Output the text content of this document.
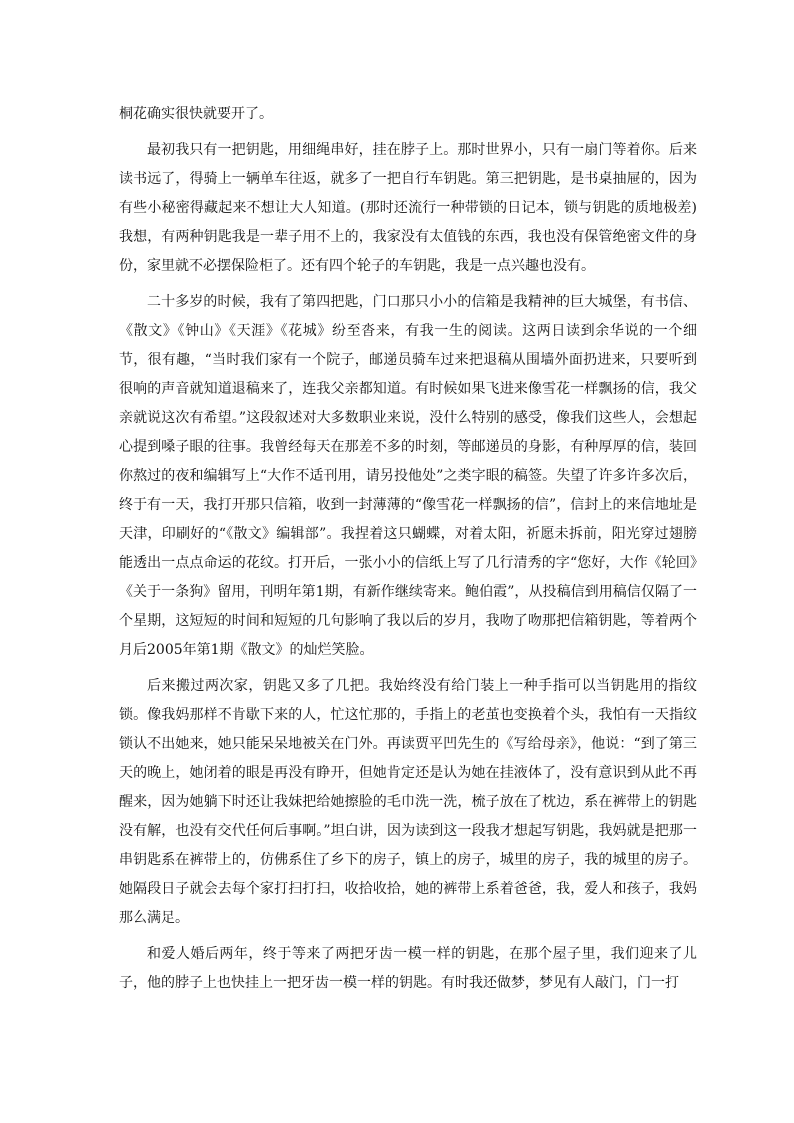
桐花确实很快就要开了。

最初我只有一把钥匙，用细绳串好，挂在脖子上。那时世界小，只有一扇门等着你。后来读书远了，得骑上一辆单车往返，就多了一把自行车钥匙。第三把钥匙，是书桌抽屉的，因为有些小秘密得藏起来不想让大人知道。(那时还流行一种带锁的日记本，锁与钥匙的质地极差)我想，有两种钥匙我是一辈子用不上的，我家没有太值钱的东西，我也没有保管绝密文件的身份，家里就不必摆保险柜了。还有四个轮子的车钥匙，我是一点兴趣也没有。

二十多岁的时候，我有了第四把匙，门口那只小小的信箱是我精神的巨大城堡，有书信、《散文》《钟山》《天涯》《花城》纷至沓来，有我一生的阅读。这两日读到余华说的一个细节，很有趣，“当时我们家有一个院子，邮递员骑车过来把退稿从围墙外面扔进来，只要听到很响的声音就知道退稿来了，连我父亲都知道。有时候如果飞进来像雪花一样飘扬的信，我父亲就说这次有希望。”这段叙述对大多数职业来说，没什么特别的感受，像我们这些人，会想起心提到嗓子眼的往事。我曾经每天在那差不多的时刻，等邮递员的身影，有种厚厚的信，装回你熬过的夜和编辑写上“大作不适刊用，请另投他处”之类字眼的稿签。失望了许多许多次后，终于有一天，我打开那只信箱，收到一封薄薄的“像雪花一样飘扬的信”，信封上的来信地址是天津，印刷好的“《散文》编辑部”。我捏着这只蝴蝶，对着太阳，祈愿未拆前，阳光穿过翅膀能透出一点点命运的花纹。打开后，一张小小的信纸上写了几行清秀的字“您好，大作《轮回》《关于一条狗》留用，刊明年第1期，有新作继续寄来。鲍伯霞”，从投稿信到用稿信仅隔了一个星期，这短短的时间和短短的几句影响了我以后的岁月，我吻了吻那把信箱钥匙，等着两个月后2005年第1期《散文》的灿烂笑脸。

后来搬过两次家，钥匙又多了几把。我始终没有给门装上一种手指可以当钥匙用的指纹锁。像我妈那样不肯歇下来的人，忙这忙那的，手指上的老茧也变换着个头，我怕有一天指纹锁认不出她来，她只能呆呆地被关在门外。再读贾平凹先生的《写给母亲》，他说：“到了第三天的晚上，她闭着的眼是再没有睁开，但她肯定还是认为她在挂液体了，没有意识到从此不再醒来，因为她躺下时还让我妹把给她擦脸的毛巾洗一洗，梳子放在了枕边，系在裤带上的钥匙没有解，也没有交代任何后事啊。”坦白讲，因为读到这一段我才想起写钥匙，我妈就是把那一串钥匙系在裤带上的，仿佛系住了乡下的房子，镇上的房子，城里的房子，我的城里的房子。她隔段日子就会去每个家打扫打扫，收拾收拾，她的裤带上系着爸爸，我，爱人和孩子，我妈那么满足。

和爱人婚后两年，终于等来了两把牙齿一模一样的钥匙，在那个屋子里，我们迎来了儿子，他的脖子上也快挂上一把牙齿一模一样的钥匙。有时我还做梦，梦见有人敲门，门一打
